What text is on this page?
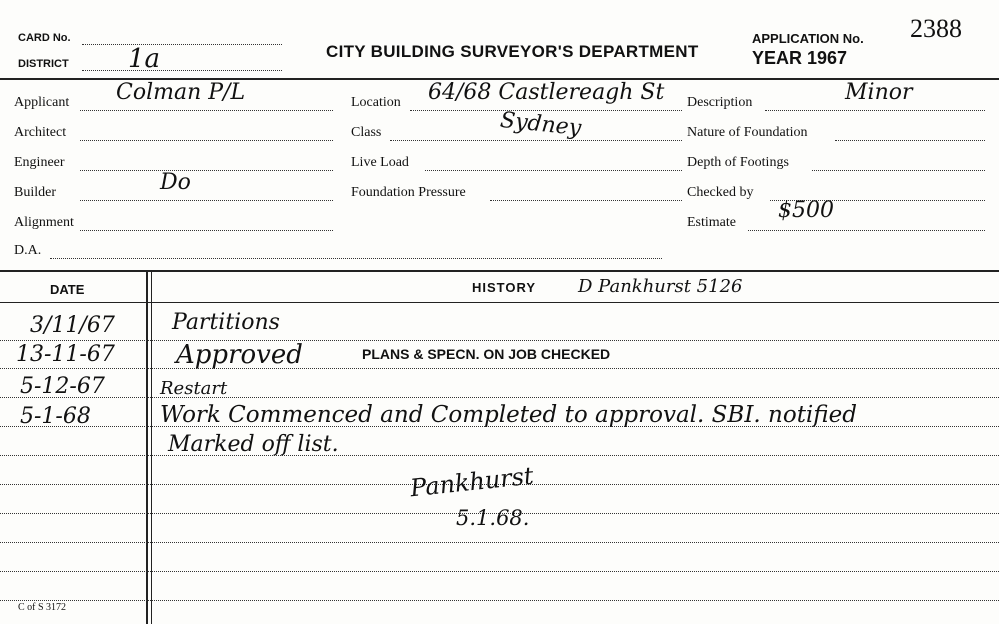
CARD No.
DISTRICT 1a	CITY BUILDING SURVEYOR'S DEPARTMENT
APPLICATION No. 2388
YEAR 1967
Applicant Colman P/L
Architect
Engineer
Builder	Do
Alignment
D.A.
Location 64/68 Castlereagh St
Class	Sydney
Live Load
Foundation Pressure
Description	Minor
Nature of Foundation
Depth of Footings
Checked by
Estimate $500
DATE	HISTORY D Pankhurst 5126
3/11/67	Partitions
13-11-67 Approved	PLANS & SPECN. ON JOB CHECKED
5-12-67	Restart
5-1-68	Work Commenced and Completed to approval. SBI. notified
Marked off list.
Pankhurst
5.1.68.
C of S 3172
